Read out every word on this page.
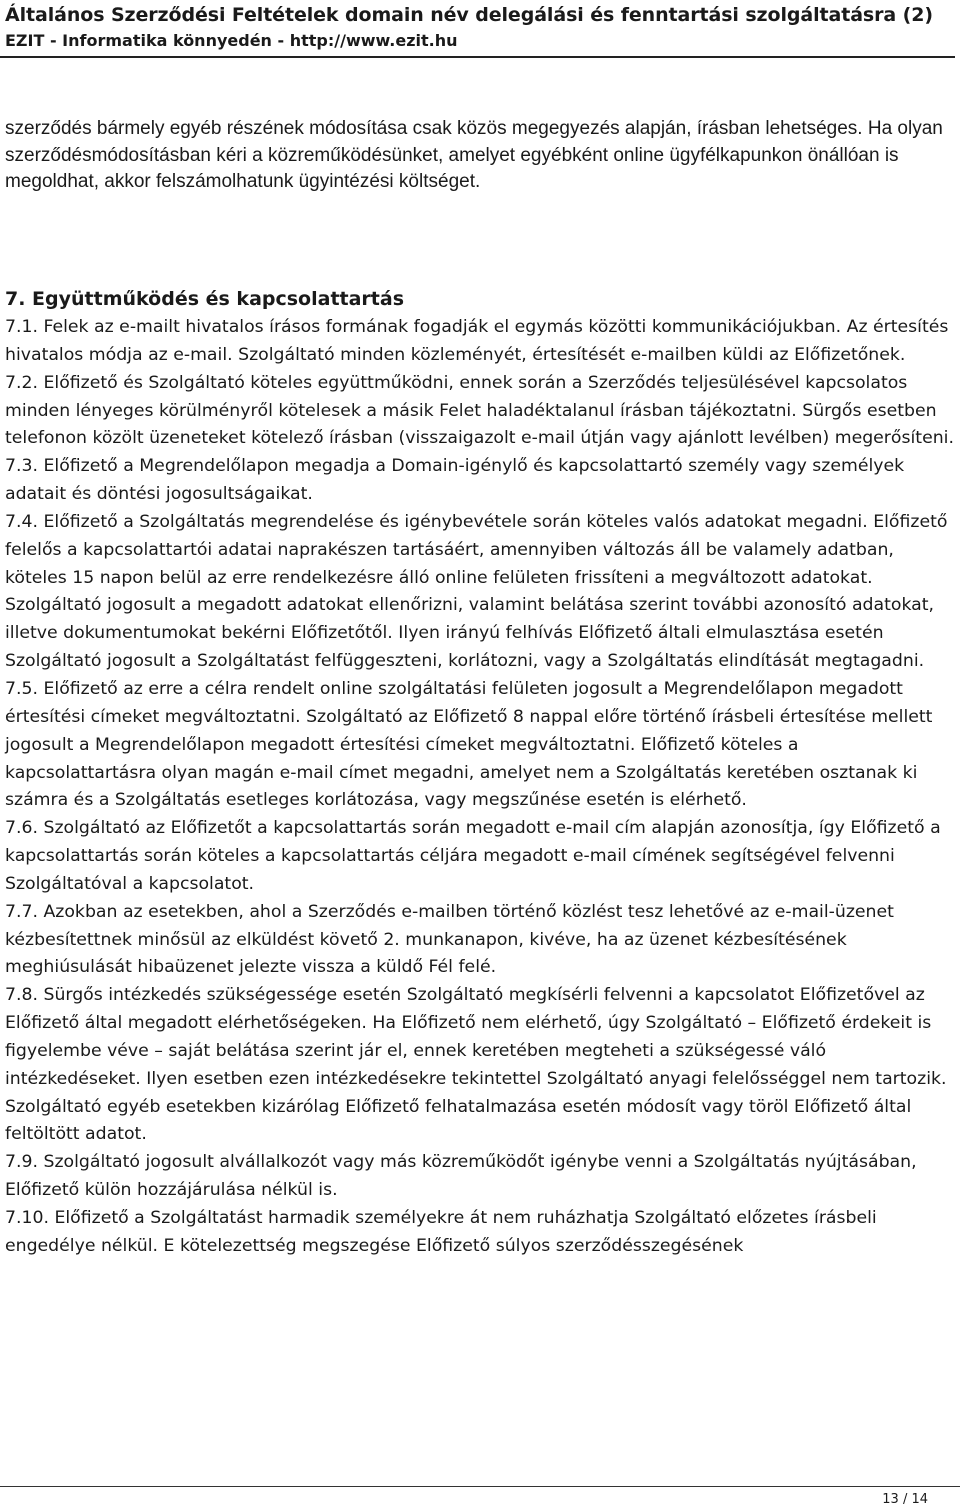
Általános Szerződési Feltételek domain név delegálási és fenntartási szolgáltatásra (2)
EZIT - Informatika könnyedén - http://www.ezit.hu
szerződés bármely egyéb részének módosítása csak közös megegyezés alapján, írásban lehetséges. Ha olyan szerződésmódosításban kéri a közreműködésünket, amelyet egyébként online ügyfélkapunkon önállóan is megoldhat, akkor felszámolhatunk ügyintézési költséget.
7. Együttműködés és kapcsolattartás

7.1. Felek az e-mailt hivatalos írásos formának fogadják el egymás közötti kommunikációjukban. Az értesítés hivatalos módja az e-mail. Szolgáltató minden közleményét, értesítését e-mailben küldi az Előfizetőnek.

7.2. Előfizető és Szolgáltató köteles együttműködni, ennek során a Szerződés teljesülésével kapcsolatos minden lényeges körülményről kötelesek a másik Felet haladéktalanul írásban tájékoztatni. Sürgős esetben telefonon közölt üzeneteket kötelező írásban (visszaigazolt e-mail útján vagy ajánlott levélben) megerősíteni.

7.3. Előfizető a Megrendelőlapon megadja a Domain-igénylő és kapcsolattartó személy vagy személyek adatait és döntési jogosultságaikat.

7.4. Előfizető a Szolgáltatás megrendelése és igénybevétele során köteles valós adatokat megadni. Előfizető felelős a kapcsolattartói adatai naprakészen tartásáért, amennyiben változás áll be valamely adatban, köteles 15 napon belül az erre rendelkezésre álló online felületen frissíteni a megváltozott adatokat. Szolgáltató jogosult a megadott adatokat ellenőrizni, valamint belátása szerint további azonosító adatokat, illetve dokumentumokat bekérni Előfizetőtől. Ilyen irányú felhívás Előfizető általi elmulasztása esetén Szolgáltató jogosult a Szolgáltatást felfüggeszteni, korlátozni, vagy a Szolgáltatás elindítását megtagadni.

7.5. Előfizető az erre a célra rendelt online szolgáltatási felületen jogosult a Megrendelőlapon megadott értesítési címeket megváltoztatni. Szolgáltató az Előfizető 8 nappal előre történő írásbeli értesítése mellett jogosult a Megrendelőlapon megadott értesítési címeket megváltoztatni. Előfizető köteles a kapcsolattartásra olyan magán e-mail címet megadni, amelyet nem a Szolgáltatás keretében osztanak ki számra és a Szolgáltatás esetleges korlátozása, vagy megszűnése esetén is elérhető.

7.6. Szolgáltató az Előfizetőt a kapcsolattartás során megadott e-mail cím alapján azonosítja, így Előfizető a kapcsolattartás során köteles a kapcsolattartás céljára megadott e-mail címének segítségével felvenni Szolgáltatóval a kapcsolatot.

7.7. Azokban az esetekben, ahol a Szerződés e-mailben történő közlést tesz lehetővé az e-mail-üzenet kézbesítettnek minősül az elküldést követő 2. munkanapon, kivéve, ha az üzenet kézbesítésének meghiúsulását hibaüzenet jelezte vissza a küldő Fél felé.

7.8. Sürgős intézkedés szükségessége esetén Szolgáltató megkísérli felvenni a kapcsolatot Előfizetővel az Előfizető által megadott elérhetőségeken. Ha Előfizető nem elérhető, úgy Szolgáltató – Előfizető érdekeit is figyelembe véve – saját belátása szerint jár el, ennek keretében megteheti a szükségessé váló intézkedéseket. Ilyen esetben ezen intézkedésekre tekintettel Szolgáltató anyagi felelősséggel nem tartozik. Szolgáltató egyéb esetekben kizárólag Előfizető felhatalmazása esetén módosít vagy töröl Előfizető által feltöltött adatot.

7.9. Szolgáltató jogosult alvállalkozót vagy más közreműködőt igénybe venni a Szolgáltatás nyújtásában, Előfizető külön hozzájárulása nélkül is.

7.10. Előfizető a Szolgáltatást harmadik személyekre át nem ruházhatja Szolgáltató előzetes írásbeli engedélye nélkül. E kötelezettség megszegése Előfizető súlyos szerződésszegésének

13 / 14
